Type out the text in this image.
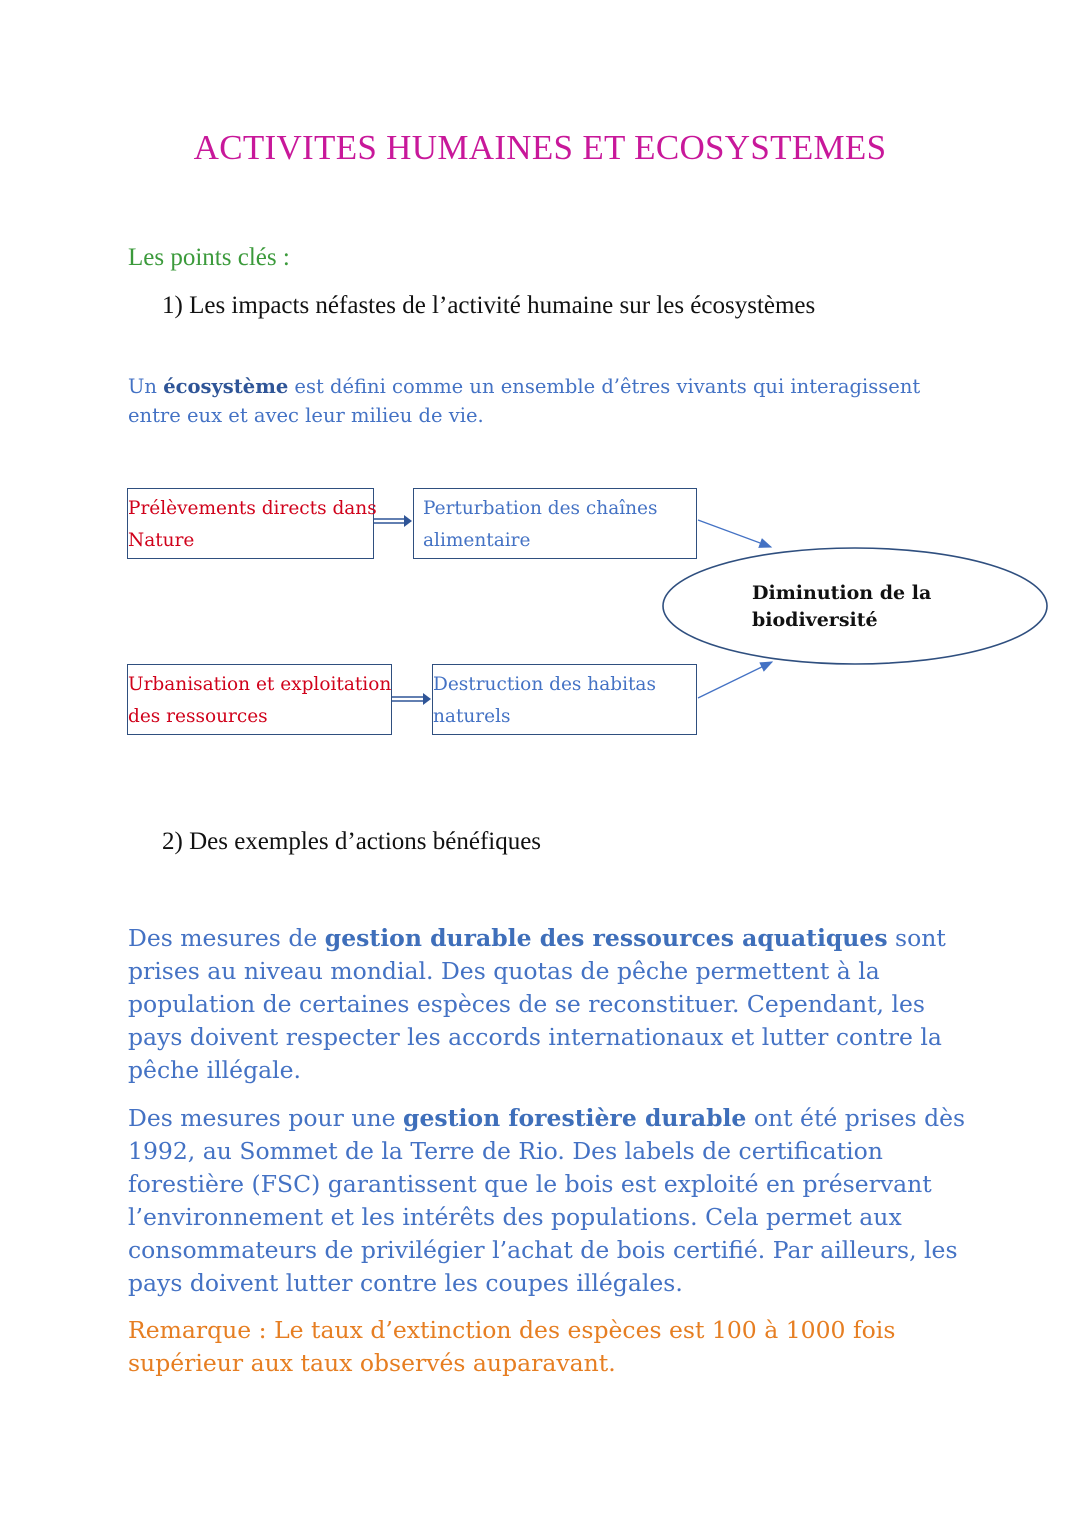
ACTIVITES HUMAINES ET ECOSYSTEMES
Les points clés :
1) Les impacts néfastes de l’activité humaine sur les écosystèmes
Un écosystème est défini comme un ensemble d’êtres vivants qui interagissent entre eux et avec leur milieu de vie.
Prélèvements directs dans
Nature
Perturbation des chaînes
alimentaire
Urbanisation et exploitation
des ressources
Destruction des habitas
naturels
Diminution de la
biodiversité
2) Des exemples d’actions bénéfiques
Des mesures de gestion durable des ressources aquatiques sont prises au niveau mondial. Des quotas de pêche permettent à la population de certaines espèces de se reconstituer. Cependant, les pays doivent respecter les accords internationaux et lutter contre la pêche illégale.
Des mesures pour une gestion forestière durable ont été prises dès 1992, au Sommet de la Terre de Rio. Des labels de certification forestière (FSC) garantissent que le bois est exploité en préservant l’environnement et les intérêts des populations. Cela permet aux consommateurs de privilégier l’achat de bois certifié. Par ailleurs, les pays doivent lutter contre les coupes illégales.
Remarque : Le taux d’extinction des espèces est 100 à 1000 fois supérieur aux taux observés auparavant.
